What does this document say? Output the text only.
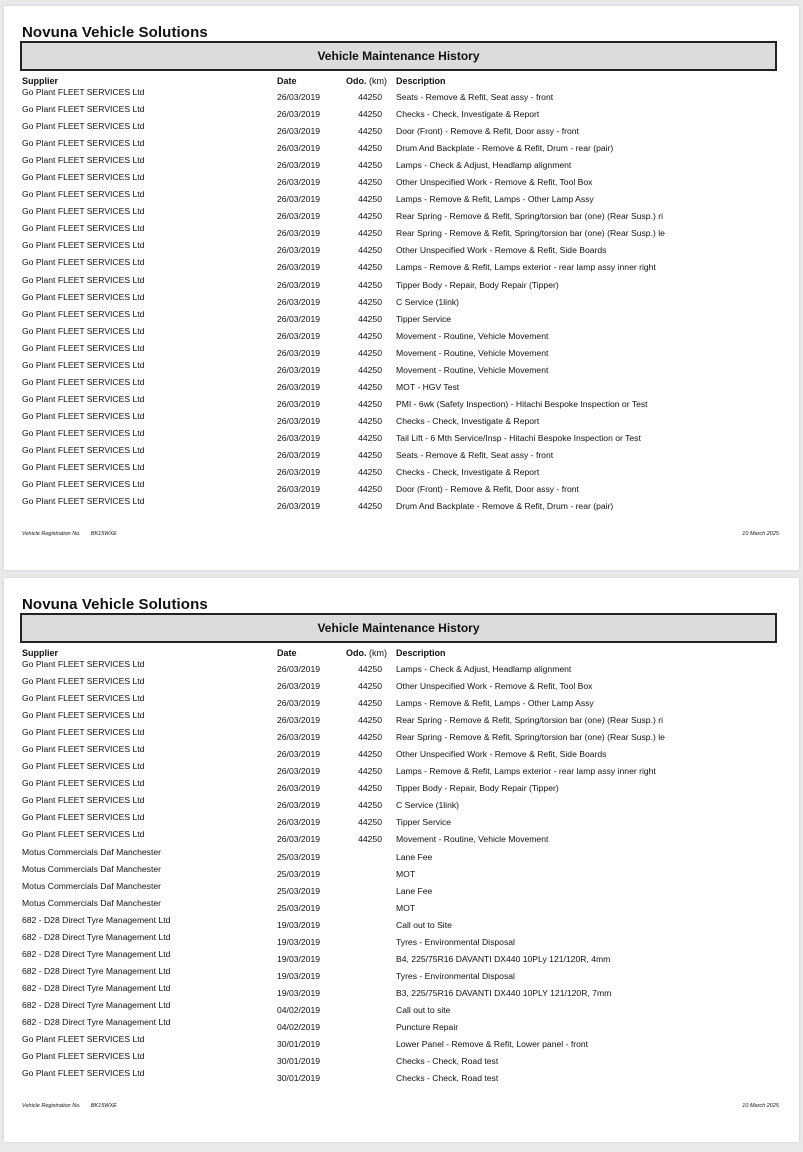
Novuna Vehicle Solutions
Vehicle Maintenance History
Supplier	Date	Odo. (km) Description
Go Plant FLEET SERVICES Ltd	26/03/2019	44250 Seats - Remove & Refit, Seat assy - front
Go Plant FLEET SERVICES Ltd	26/03/2019	44250 Checks - Check, Investigate & Report
Go Plant FLEET SERVICES Ltd	26/03/2019	44250 Door (Front) - Remove & Refit, Door assy - front
Go Plant FLEET SERVICES Ltd	26/03/2019	44250 Drum And Backplate - Remove & Refit, Drum - rear (pair)
Go Plant FLEET SERVICES Ltd	26/03/2019	44250 Lamps - Check & Adjust, Headlamp alignment
Go Plant FLEET SERVICES Ltd	26/03/2019	44250 Other Unspecified Work - Remove & Refit, Tool Box
Go Plant FLEET SERVICES Ltd	26/03/2019	44250 Lamps - Remove & Refit, Lamps - Other Lamp Assy
Go Plant FLEET SERVICES Ltd	26/03/2019	44250 Rear Spring - Remove & Refit, Spring/torsion bar (one) (Rear Susp.) ri
Go Plant FLEET SERVICES Ltd	26/03/2019	44250 Rear Spring - Remove & Refit, Spring/torsion bar (one) (Rear Susp.) le
Go Plant FLEET SERVICES Ltd	26/03/2019	44250 Other Unspecified Work - Remove & Refit, Side Boards
Go Plant FLEET SERVICES Ltd	26/03/2019	44250 Lamps - Remove & Refit, Lamps exterior - rear lamp assy inner right
Go Plant FLEET SERVICES Ltd	26/03/2019	44250 Tipper Body - Repair, Body Repair (Tipper)
Go Plant FLEET SERVICES Ltd	26/03/2019	44250 C Service (1link)
Go Plant FLEET SERVICES Ltd	26/03/2019	44250 Tipper Service
Go Plant FLEET SERVICES Ltd	26/03/2019	44250 Movement - Routine, Vehicle Movement
Go Plant FLEET SERVICES Ltd	26/03/2019	44250 Movement - Routine, Vehicle Movement
Go Plant FLEET SERVICES Ltd	26/03/2019	44250 Movement - Routine, Vehicle Movement
Go Plant FLEET SERVICES Ltd	26/03/2019	44250 MOT - HGV Test
Go Plant FLEET SERVICES Ltd	26/03/2019	44250 PMI - 6wk (Safety Inspection) - Hitachi Bespoke Inspection or Test
Go Plant FLEET SERVICES Ltd	26/03/2019	44250 Checks - Check, Investigate & Report
Go Plant FLEET SERVICES Ltd	26/03/2019	44250 Tail Lift - 6 Mth Service/Insp - Hitachi Bespoke Inspection or Test
Go Plant FLEET SERVICES Ltd	26/03/2019	44250 Seats - Remove & Refit, Seat assy - front
Go Plant FLEET SERVICES Ltd	26/03/2019	44250 Checks - Check, Investigate & Report
Go Plant FLEET SERVICES Ltd	26/03/2019	44250 Door (Front) - Remove & Refit, Door assy - front
Go Plant FLEET SERVICES Ltd	26/03/2019	44250 Drum And Backplate - Remove & Refit, Drum - rear (pair)
Vehicle Registration No. BK15WXE	10 March 2025
Novuna Vehicle Solutions
Vehicle Maintenance History
Supplier	Date	Odo. (km) Description
Go Plant FLEET SERVICES Ltd	26/03/2019	44250 Lamps - Check & Adjust, Headlamp alignment
Go Plant FLEET SERVICES Ltd	26/03/2019	44250 Other Unspecified Work - Remove & Refit, Tool Box
Go Plant FLEET SERVICES Ltd	26/03/2019	44250 Lamps - Remove & Refit, Lamps - Other Lamp Assy
Go Plant FLEET SERVICES Ltd	26/03/2019	44250 Rear Spring - Remove & Refit, Spring/torsion bar (one) (Rear Susp.) ri
Go Plant FLEET SERVICES Ltd	26/03/2019	44250 Rear Spring - Remove & Refit, Spring/torsion bar (one) (Rear Susp.) le
Go Plant FLEET SERVICES Ltd	26/03/2019	44250 Other Unspecified Work - Remove & Refit, Side Boards
Go Plant FLEET SERVICES Ltd	26/03/2019	44250 Lamps - Remove & Refit, Lamps exterior - rear lamp assy inner right
Go Plant FLEET SERVICES Ltd	26/03/2019	44250 Tipper Body - Repair, Body Repair (Tipper)
Go Plant FLEET SERVICES Ltd	26/03/2019	44250 C Service (1link)
Go Plant FLEET SERVICES Ltd	26/03/2019	44250 Tipper Service
Go Plant FLEET SERVICES Ltd	26/03/2019	44250 Movement - Routine, Vehicle Movement
Motus Commercials Daf Manchester	25/03/2019	Lane Fee
Motus Commercials Daf Manchester	25/03/2019	MOT
Motus Commercials Daf Manchester	25/03/2019	Lane Fee
Motus Commercials Daf Manchester	25/03/2019	MOT
682 - D28 Direct Tyre Management Ltd	19/03/2019	Call out to Site
682 - D28 Direct Tyre Management Ltd	19/03/2019	Tyres - Environmental Disposal
682 - D28 Direct Tyre Management Ltd	19/03/2019	B4, 225/75R16 DAVANTI DX440 10PLy 121/120R, 4mm
682 - D28 Direct Tyre Management Ltd	19/03/2019	Tyres - Environmental Disposal
682 - D28 Direct Tyre Management Ltd	19/03/2019	B3, 225/75R16 DAVANTI DX440 10PLY 121/120R, 7mm
682 - D28 Direct Tyre Management Ltd	04/02/2019	Call out to site
682 - D28 Direct Tyre Management Ltd	04/02/2019	Puncture Repair
Go Plant FLEET SERVICES Ltd	30/01/2019	Lower Panel - Remove & Refit, Lower panel - front
Go Plant FLEET SERVICES Ltd	30/01/2019	Checks - Check, Road test
Go Plant FLEET SERVICES Ltd	30/01/2019	Checks - Check, Road test
Vehicle Registration No. BK15WXE	10 March 2025
